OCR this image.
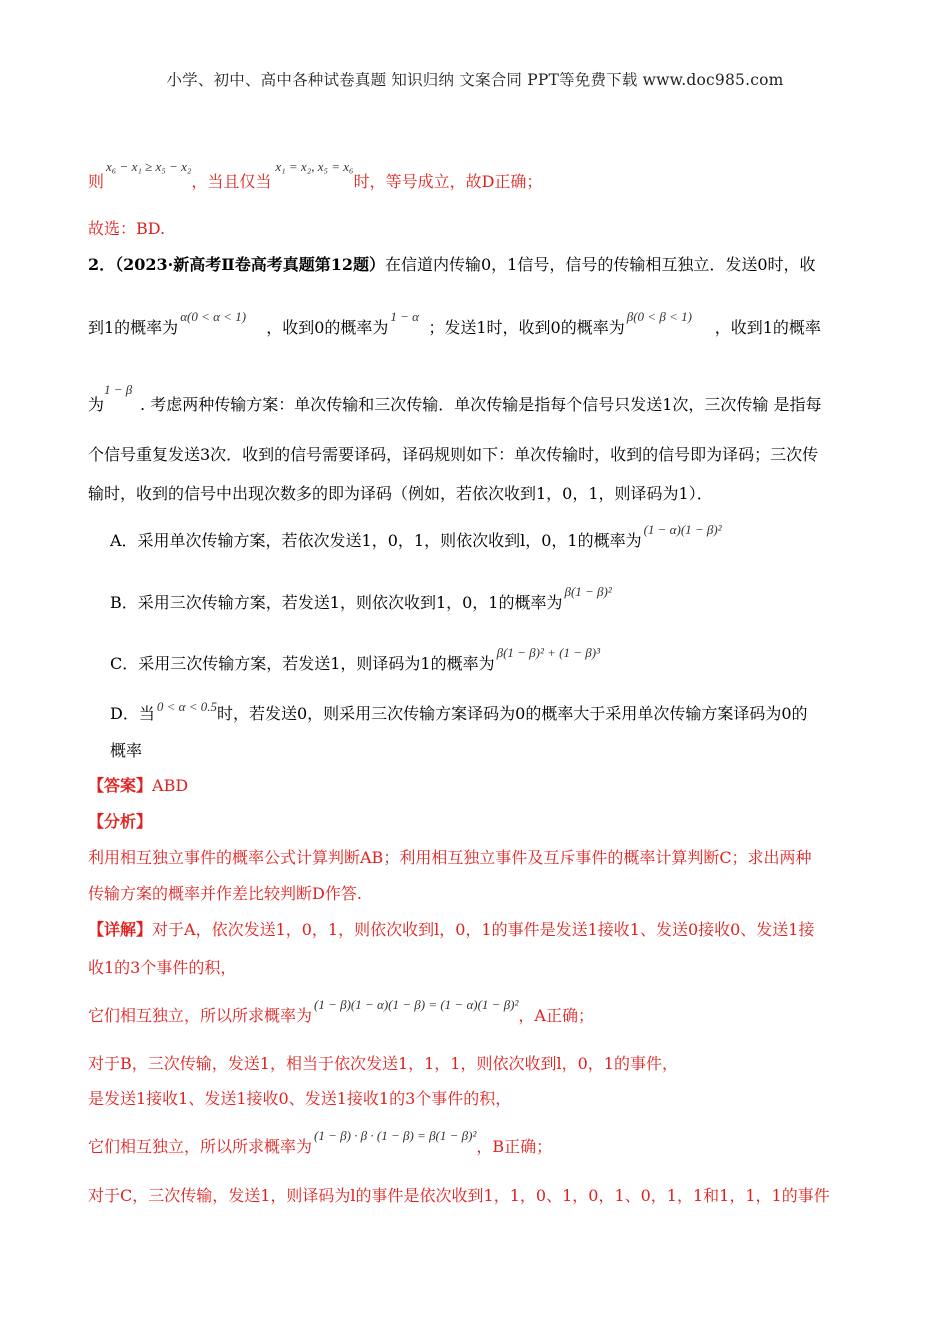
小学、初中、高中各种试卷真题 知识归纳 文案合同 PPT等免费下载 www.doc985.com
则x₆ − x₁ ≥ x₅ − x₂，当且仅当x₁ = x₂, x₅ = x₆时，等号成立，故D正确；
故选：BD.
2．（2023·新高考Ⅱ卷高考真题第12题）在信道内传输0，1信号，信号的传输相互独立．发送0时，收
到1的概率为α(0 < α < 1)，收到0的概率为1 − α；发送1时，收到0的概率为β(0 < β < 1)，收到1的概率
为1 − β. 考虑两种传输方案：单次传输和三次传输．单次传输是指每个信号只发送1次，三次传输 是指每
个信号重复发送3次．收到的信号需要译码，译码规则如下：单次传输时，收到的信号即为译码；三次传
输时，收到的信号中出现次数多的即为译码（例如，若依次收到1，0，1，则译码为1）．
A．采用单次传输方案，若依次发送1，0，1，则依次收到l，0，1的概率为(1 − α)(1 − β)²
B．采用三次传输方案，若发送1，则依次收到1，0，1的概率为β(1 − β)²
C．采用三次传输方案，若发送1，则译码为1的概率为β(1 − β)² + (1 − β)³
D．当 0 < α < 0.5时，若发送0，则采用三次传输方案译码为0的概率大于采用单次传输方案译码为0的
概率
【答案】ABD
【分析】
利用相互独立事件的概率公式计算判断AB；利用相互独立事件及互斥事件的概率计算判断C；求出两种
传输方案的概率并作差比较判断D作答.
【详解】对于A，依次发送1，0，1，则依次收到l，0，1的事件是发送1接收1、发送0接收0、发送1接
收1的3个事件的积，
它们相互独立，所以所求概率为(1 − β)(1 − α)(1 − β) = (1 − α)(1 − β)²，A正确；
对于B，三次传输，发送1，相当于依次发送1，1，1，则依次收到l，0，1的事件，
是发送1接收1、发送1接收0、发送1接收1的3个事件的积，
它们相互独立，所以所求概率为(1 − β) · β · (1 − β) = β(1 − β)²，B正确；
对于C，三次传输，发送1，则译码为l的事件是依次收到1，1，0、1，0，1、0，1，1和1，1，1的事件
